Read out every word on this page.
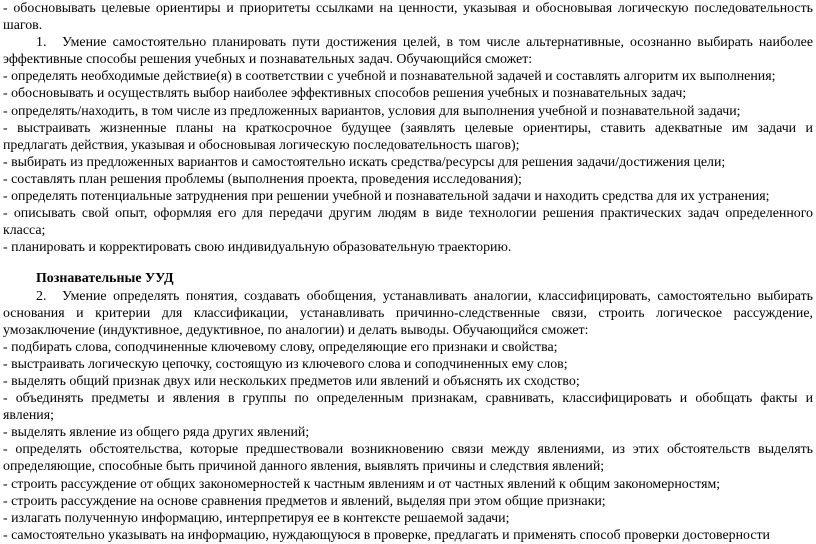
- обосновывать целевые ориентиры и приоритеты ссылками на ценности, указывая и обосновывая логическую последовательность
шагов.
1. Умение самостоятельно планировать пути достижения целей, в том числе альтернативные, осознанно выбирать наиболее
эффективные способы решения учебных и познавательных задач. Обучающийся сможет:
- определять необходимые действие(я) в соответствии с учебной и познавательной задачей и составлять алгоритм их выполнения;
- обосновывать и осуществлять выбор наиболее эффективных способов решения учебных и познавательных задач;
- определять/находить, в том числе из предложенных вариантов, условия для выполнения учебной и познавательной задачи;
- выстраивать жизненные планы на краткосрочное будущее (заявлять целевые ориентиры, ставить адекватные им задачи и
предлагать действия, указывая и обосновывая логическую последовательность шагов);
- выбирать из предложенных вариантов и самостоятельно искать средства/ресурсы для решения задачи/достижения цели;
- составлять план решения проблемы (выполнения проекта, проведения исследования);
- определять потенциальные затруднения при решении учебной и познавательной задачи и находить средства для их устранения;
- описывать свой опыт, оформляя его для передачи другим людям в виде технологии решения практических задач определенного
класса;
- планировать и корректировать свою индивидуальную образовательную траекторию.
Познавательные УУД
2. Умение определять понятия, создавать обобщения, устанавливать аналогии, классифицировать, самостоятельно выбирать
основания и критерии для классификации, устанавливать причинно-следственные связи, строить логическое рассуждение,
умозаключение (индуктивное, дедуктивное, по аналогии) и делать выводы. Обучающийся сможет:
- подбирать слова, соподчиненные ключевому слову, определяющие его признаки и свойства;
- выстраивать логическую цепочку, состоящую из ключевого слова и соподчиненных ему слов;
- выделять общий признак двух или нескольких предметов или явлений и объяснять их сходство;
- объединять предметы и явления в группы по определенным признакам, сравнивать, классифицировать и обобщать факты и
явления;
- выделять явление из общего ряда других явлений;
- определять обстоятельства, которые предшествовали возникновению связи между явлениями, из этих обстоятельств выделять
определяющие, способные быть причиной данного явления, выявлять причины и следствия явлений;
- строить рассуждение от общих закономерностей к частным явлениям и от частных явлений к общим закономерностям;
- строить рассуждение на основе сравнения предметов и явлений, выделяя при этом общие признаки;
- излагать полученную информацию, интерпретируя ее в контексте решаемой задачи;
- самостоятельно указывать на информацию, нуждающуюся в проверке, предлагать и применять способ проверки достоверности
